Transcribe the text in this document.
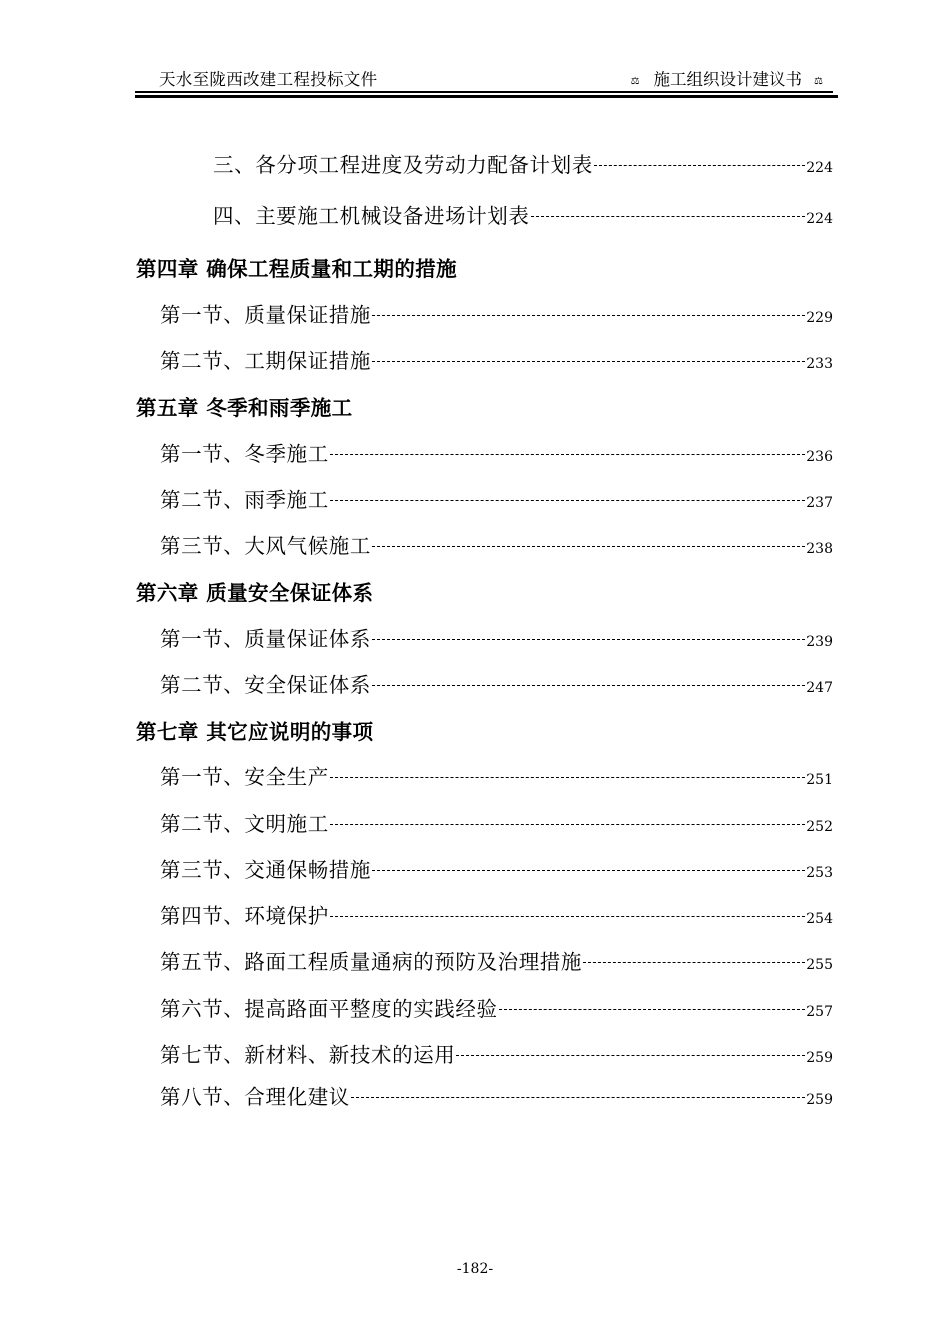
天水至陇西改建工程投标文件	⚖ 施工组织设计建议书 ⚖
三、各分项工程进度及劳动力配备计划表	224
四、主要施工机械设备进场计划表	224
第四章 确保工程质量和工期的措施
第一节、质量保证措施	229
第二节、工期保证措施	233
第五章 冬季和雨季施工
第一节、冬季施工	236
第二节、雨季施工	237
第三节、大风气候施工	238
第六章 质量安全保证体系
第一节、质量保证体系	239
第二节、安全保证体系	247
第七章 其它应说明的事项
第一节、安全生产	251
第二节、文明施工	252
第三节、交通保畅措施	253
第四节、环境保护	254
第五节、路面工程质量通病的预防及治理措施	255
第六节、提高路面平整度的实践经验	257
第七节、新材料、新技术的运用	259
第八节、合理化建议	259
-182-
